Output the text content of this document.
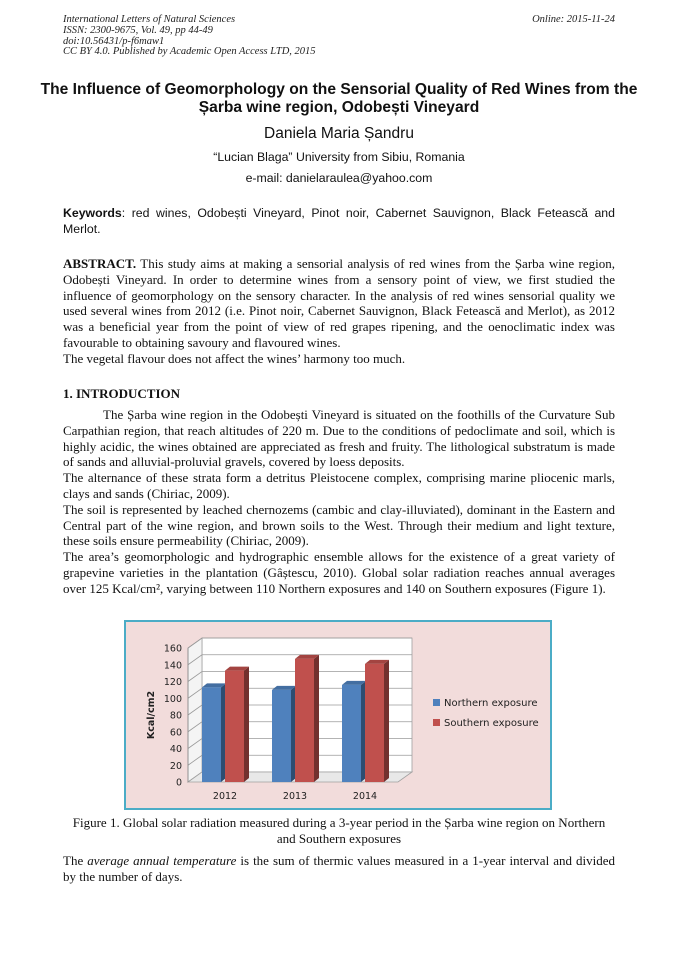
International Letters of Natural Sciences
ISSN: 2300-9675, Vol. 49, pp 44-49
doi:10.56431/p-f6maw1
CC BY 4.0. Published by Academic Open Access LTD, 2015
Online: 2015-11-24
The Influence of Geomorphology on the Sensorial Quality of Red Wines from the Șarba wine region, Odobești Vineyard
Daniela Maria Șandru
“Lucian Blaga” University from Sibiu, Romania
e-mail: danielaraulea@yahoo.com
Keywords: red wines, Odobești Vineyard, Pinot noir, Cabernet Sauvignon, Black Fetească and Merlot.

ABSTRACT. This study aims at making a sensorial analysis of red wines from the Șarba wine region, Odobești Vineyard. In order to determine wines from a sensory point of view, we first studied the influence of geomorphology on the sensory character. In the analysis of red wines sensorial quality we used several wines from 2012 (i.e. Pinot noir, Cabernet Sauvignon, Black Fetească and Merlot), as 2012 was a beneficial year from the point of view of red grapes ripening, and the oenoclimatic index was favourable to obtaining savoury and flavoured wines.

The vegetal flavour does not affect the wines’ harmony too much.

1. INTRODUCTION

The Șarba wine region in the Odobești Vineyard is situated on the foothills of the Curvature Sub Carpathian region, that reach altitudes of 220 m. Due to the conditions of pedoclimate and soil, which is highly acidic, the wines obtained are appreciated as fresh and fruity. The lithological substratum is made of sands and alluvial-proluvial gravels, covered by loess deposits.

The alternance of these strata form a detritus Pleistocene complex, comprising marine pliocenic marls, clays and sands (Chiriac, 2009).

The soil is represented by leached chernozems (cambic and clay-illuviated), dominant in the Eastern and Central part of the wine region, and brown soils to the West. Through their medium and light texture, these soils ensure permeability (Chiriac, 2009).

The area’s geomorphologic and hydrographic ensemble allows for the existence of a great variety of grapevine varieties in the plantation (Gâștescu, 2010). Global solar radiation reaches annual averages over 125 Kcal/cm², varying between 110 Northern exposures and 140 on Southern exposures (Figure 1).

0
20
40
60
80
100
120
140
160
Kcal/cm2
2012	2013	2014
Northern exposure
Southern exposure
Figure 1. Global solar radiation measured during a 3-year period in the Șarba wine region on Northern and Southern exposures

The average annual temperature is the sum of thermic values measured in a 1-year interval and divided by the number of days.
